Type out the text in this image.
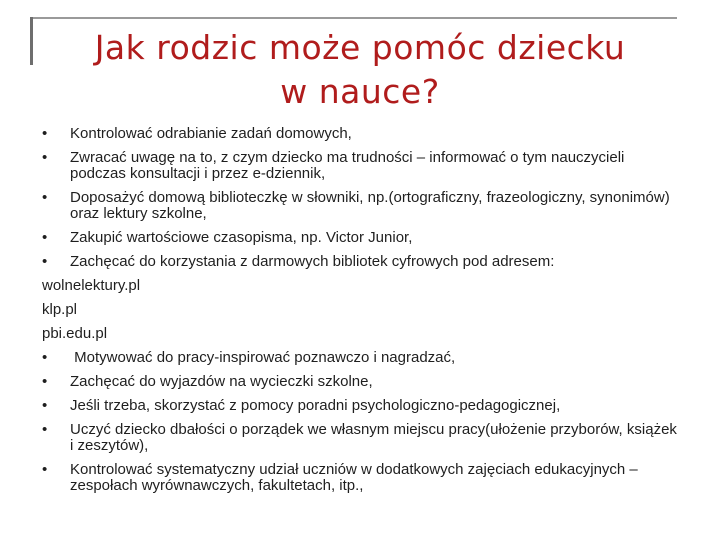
Jak rodzic może pomóc dziecku
w nauce?
•	Kontrolować odrabianie zadań domowych,
•	Zwracać uwagę na to, z czym dziecko ma trudności – informować o tym nauczycieli podczas konsultacji i przez e-dziennik,
•	Doposażyć domową biblioteczkę w słowniki, np.(ortograficzny, frazeologiczny, synonimów) oraz lektury szkolne,
•	Zakupić wartościowe czasopisma, np. Victor Junior,
•	Zachęcać do korzystania z darmowych bibliotek cyfrowych pod adresem:
wolnelektury.pl
klp.pl
pbi.edu.pl
•	Motywować do pracy-inspirować poznawczo i nagradzać,
•	Zachęcać do wyjazdów na wycieczki szkolne,
•	Jeśli trzeba, skorzystać z pomocy poradni psychologiczno-pedagogicznej,
•	Uczyć dziecko dbałości o porządek we własnym miejscu pracy(ułożenie przyborów, książek i zeszytów),
•	Kontrolować systematyczny udział uczniów w dodatkowych zajęciach edukacyjnych – zespołach wyrównawczych, fakultetach, itp.,
